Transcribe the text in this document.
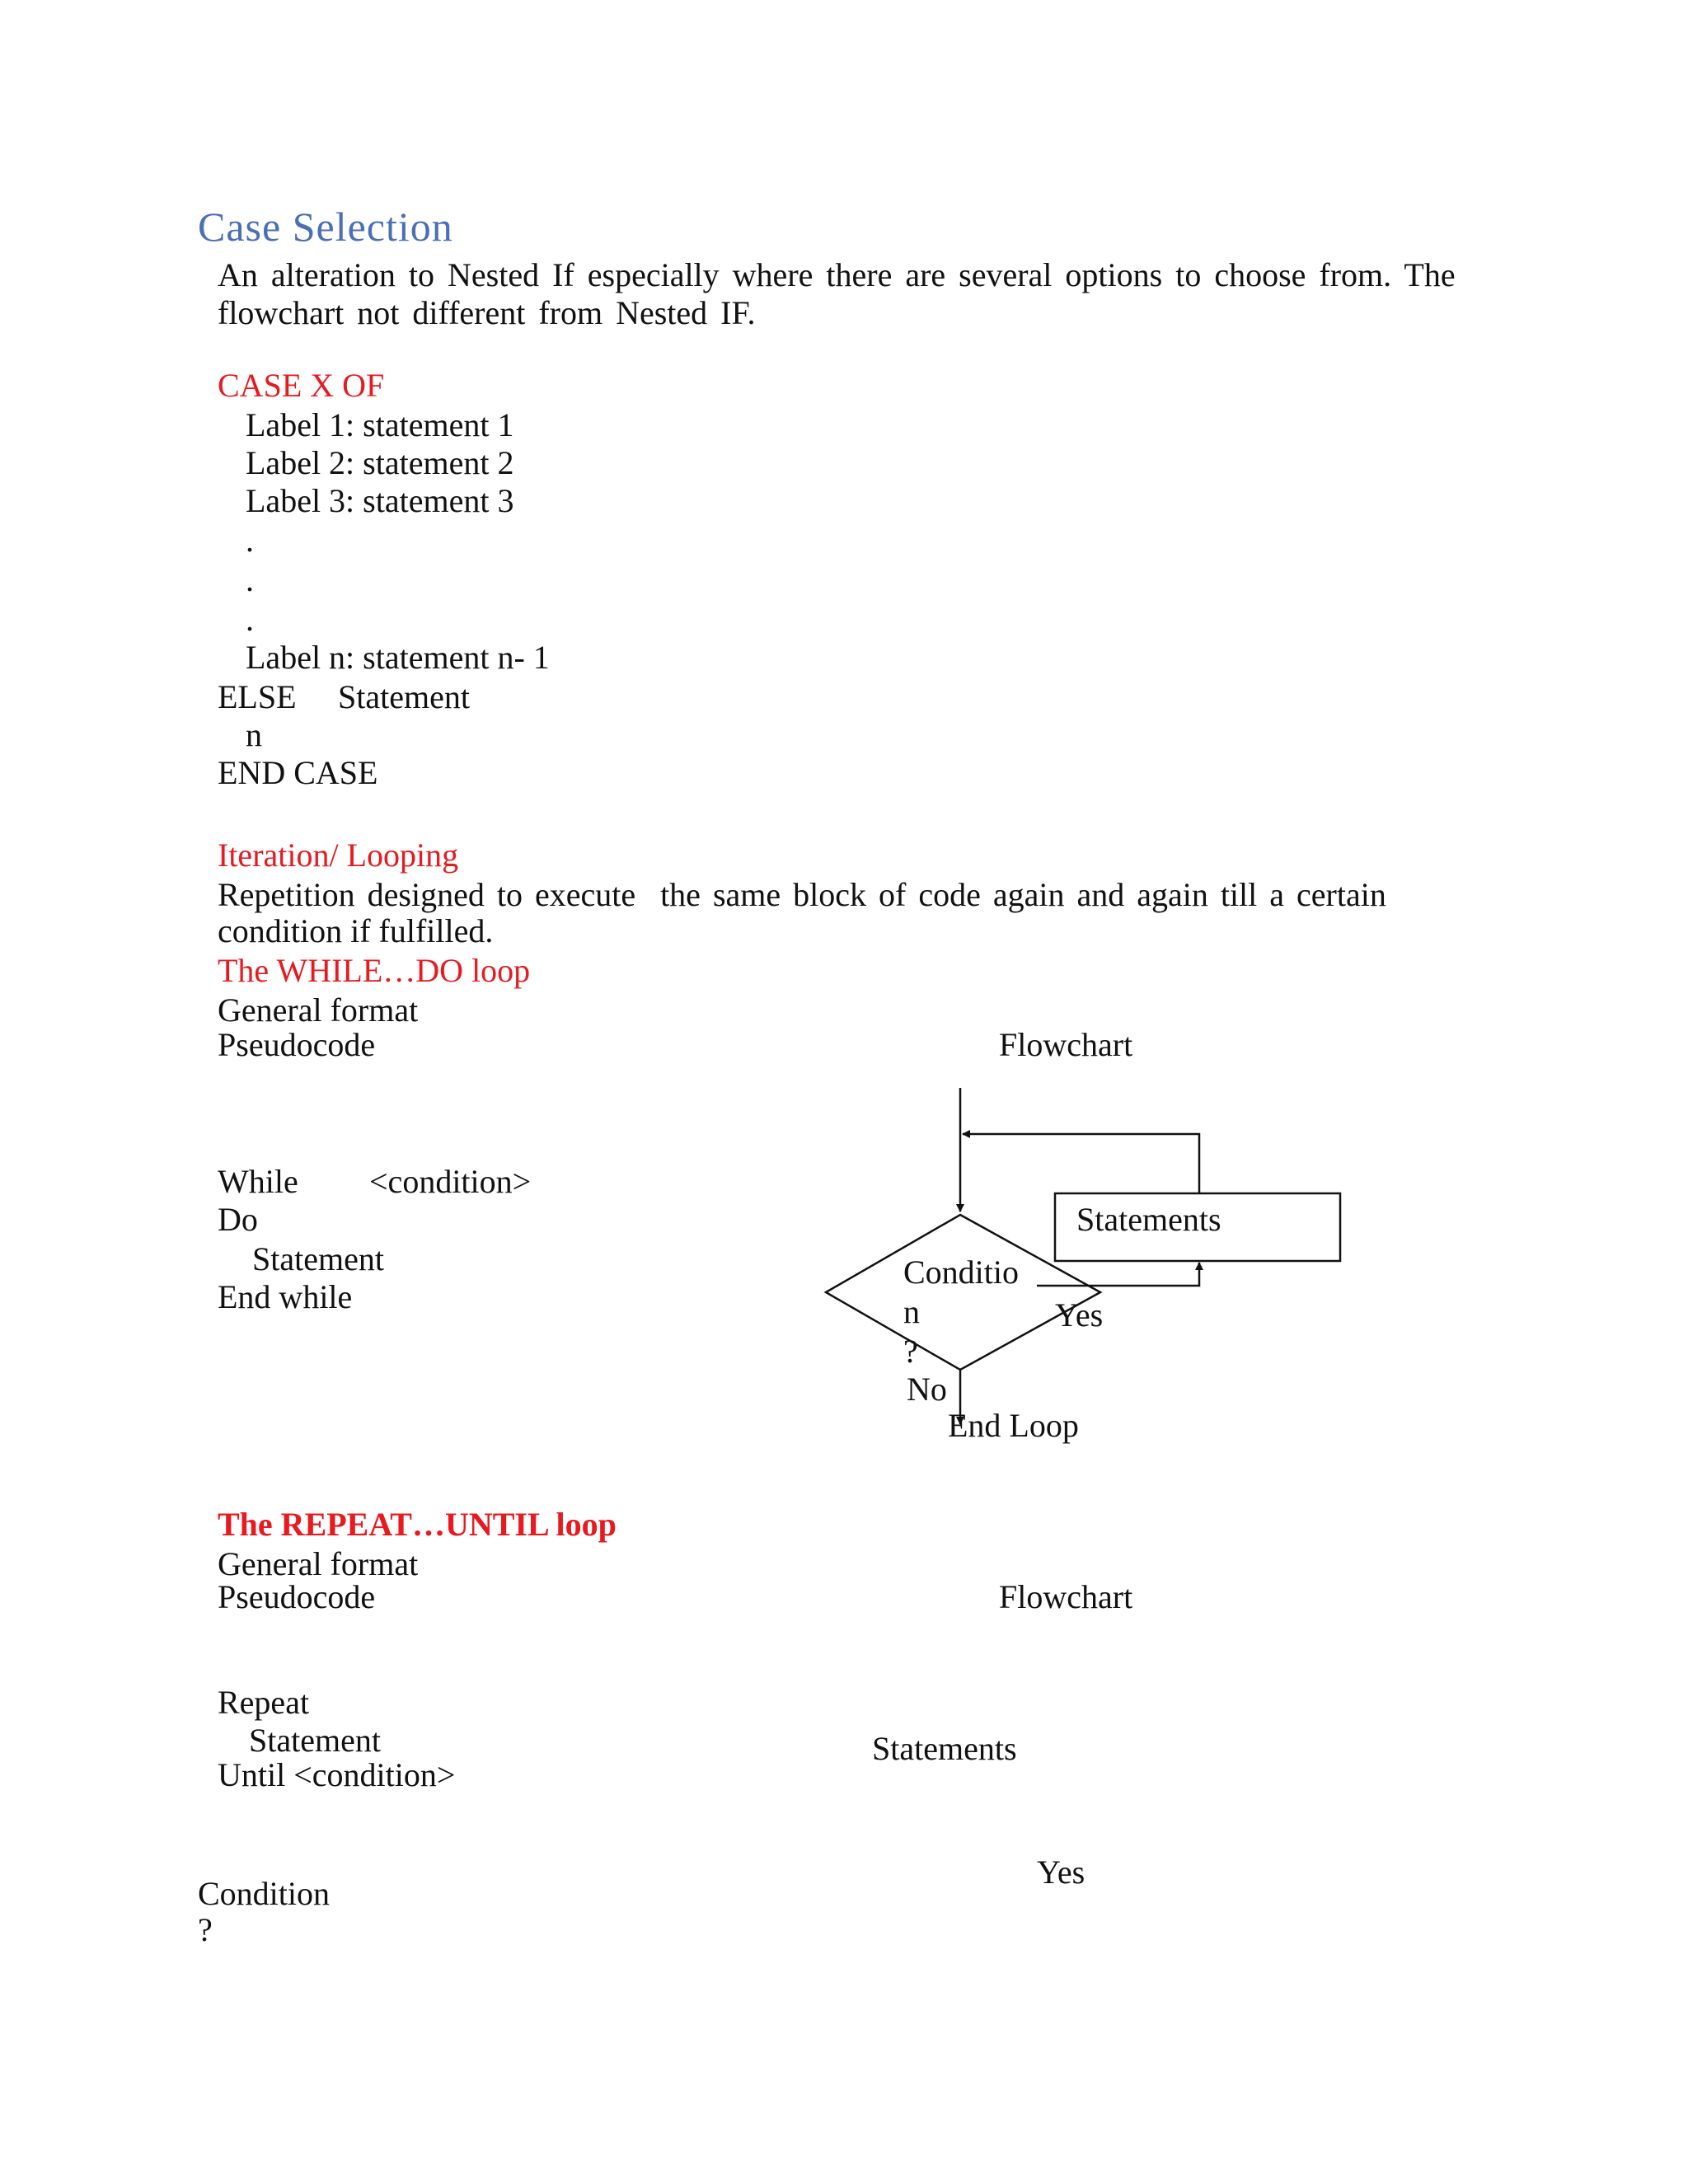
Case Selection
An alteration to Nested If especially where there are several options to choose from. The
flowchart not different from Nested IF.
CASE X OF
Label 1: statement 1
Label 2: statement 2
Label 3: statement 3
.
.
.
Label n: statement n- 1
ELSE Statement
n
END CASE
Iteration/ Looping
Repetition designed to execute  the same block of code again and again till a certain
condition if fulfilled.
The WHILE…DO loop
General format
Pseudocode	Flowchart
While <condition>
Do
Statement
End while
Statements
Conditio
n
?
Yes
No
End Loop
The REPEAT…UNTIL loop
General format
Pseudocode	Flowchart
Repeat
Statement
Until <condition>
Statements
Yes
Condition
?
